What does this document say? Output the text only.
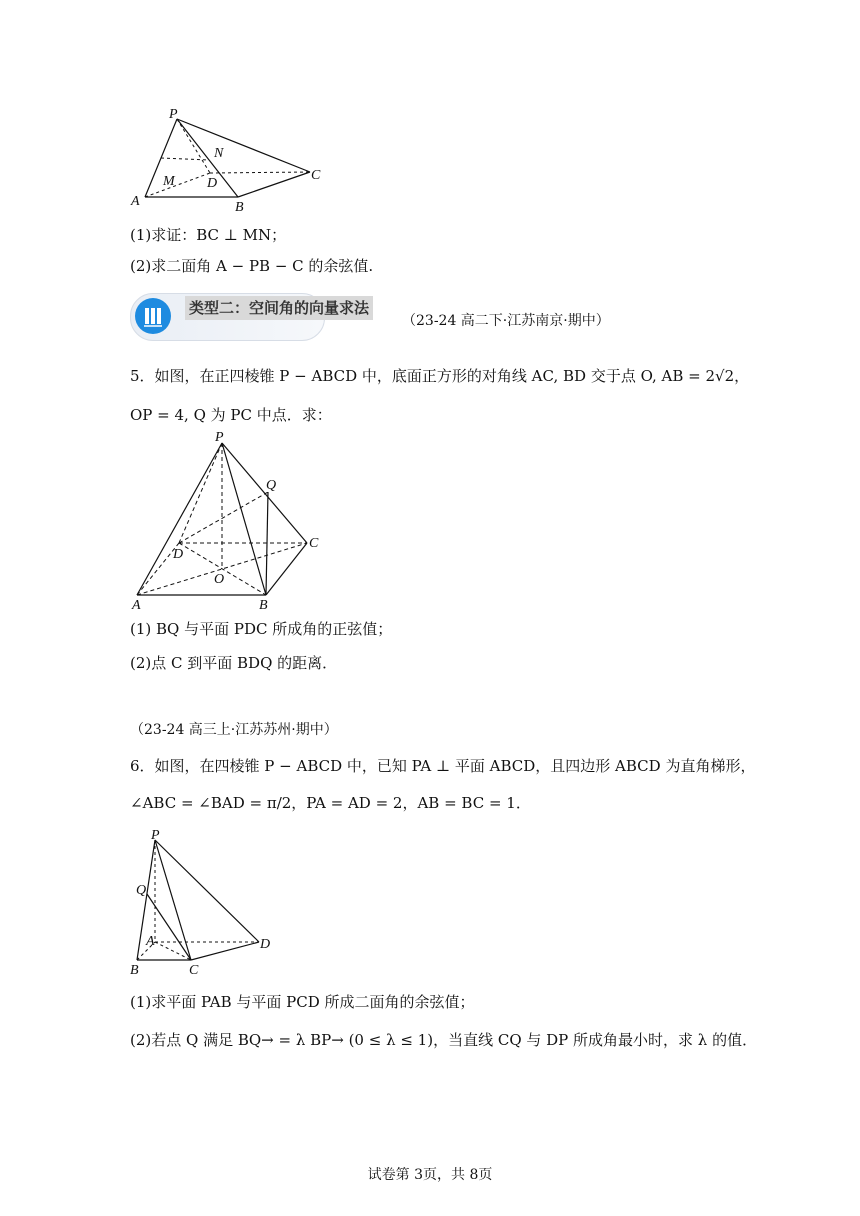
P
N
M D
C
A	B
(1)求证：BC ⊥ MN；
(2)求二面角 A − PB − C 的余弦值.
类型二：空间角的向量求法
（23-24 高二下·江苏南京·期中）
5．如图，在正四棱锥 P − ABCD 中，底面正方形的对角线 AC, BD 交于点 O, AB = 2√2，
OP = 4, Q 为 PC 中点．求：
P
Q
D
C
O
A	B
(1) BQ 与平面 PDC 所成角的正弦值；
(2)点 C 到平面 BDQ 的距离．
（23-24 高三上·江苏苏州·期中）
6．如图，在四棱锥 P − ABCD 中，已知 PA ⊥ 平面 ABCD，且四边形 ABCD 为直角梯形，
∠ABC = ∠BAD = π/2，PA = AD = 2，AB = BC = 1．
P
Q
A	D
B	C
(1)求平面 PAB 与平面 PCD 所成二面角的余弦值；
(2)若点 Q 满足 BQ→ = λ BP→ (0 ≤ λ ≤ 1)，当直线 CQ 与 DP 所成角最小时，求 λ 的值．
试卷第 3页，共 8页
